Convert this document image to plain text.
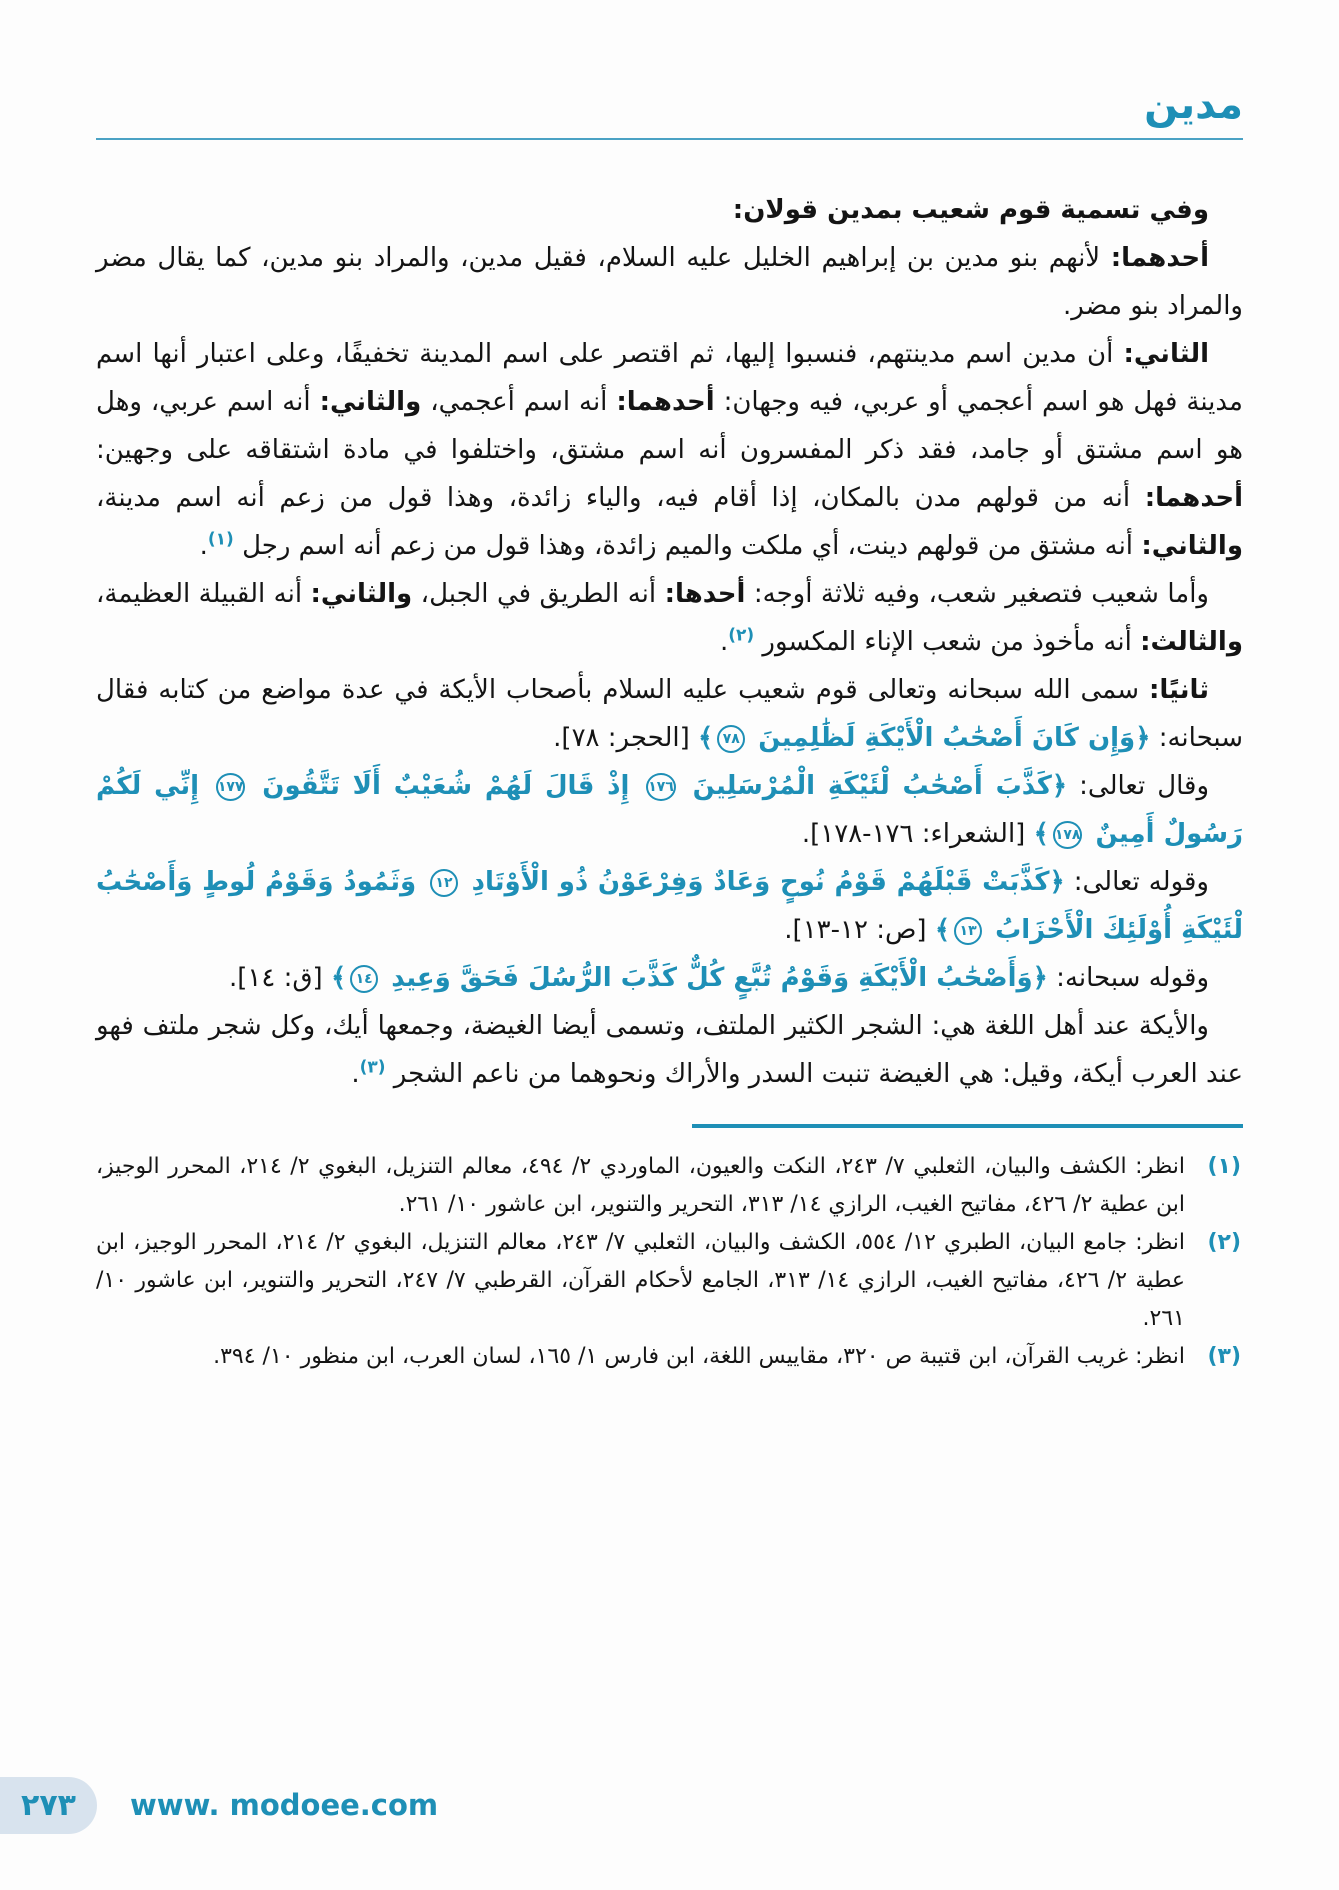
مدين

وفي تسمية قوم شعيب بمدين قولان:

أحدهما: لأنهم بنو مدين بن إبراهيم الخليل عليه السلام، فقيل مدين، والمراد بنو مدين، كما يقال مضر والمراد بنو مضر.

الثاني: أن مدين اسم مدينتهم، فنسبوا إليها، ثم اقتصر على اسم المدينة تخفيفًا، وعلى اعتبار أنها اسم مدينة فهل هو اسم أعجمي أو عربي، فيه وجهان: أحدهما: أنه اسم أعجمي، والثاني: أنه اسم عربي، وهل هو اسم مشتق أو جامد، فقد ذكر المفسرون أنه اسم مشتق، واختلفوا في مادة اشتقاقه على وجهين: أحدهما: أنه من قولهم مدن بالمكان، إذا أقام فيه، والياء زائدة، وهذا قول من زعم أنه اسم مدينة، والثاني: أنه مشتق من قولهم دينت، أي ملكت والميم زائدة، وهذا قول من زعم أنه اسم رجل $^{(١)}$.

وأما شعيب فتصغير شعب، وفيه ثلاثة أوجه: أحدها: أنه الطريق في الجبل، والثاني: أنه القبيلة العظيمة، والثالث: أنه مأخوذ من شعب الإناء المكسور $^{(٢)}$.

ثانيًا: سمى الله سبحانه وتعالى قوم شعيب عليه السلام بأصحاب الأيكة في عدة مواضع من كتابه فقال سبحانه: ﴿وَإِن كَانَ أَصْحَٰبُ الْأَيْكَةِ لَظَٰلِمِينَ ٧٨﴾ [الحجر: ٧٨].

وقال تعالى: ﴿كَذَّبَ أَصْحَٰبُ لْئَيْكَةِ الْمُرْسَلِينَ ١٧٦ إِذْ قَالَ لَهُمْ شُعَيْبٌ أَلَا تَتَّقُونَ ١٧٧ إِنِّي لَكُمْ رَسُولٌ أَمِينٌ ١٧٨﴾ [الشعراء: ١٧٦-١٧٨].

وقوله تعالى: ﴿كَذَّبَتْ قَبْلَهُمْ قَوْمُ نُوحٍ وَعَادٌ وَفِرْعَوْنُ ذُو الْأَوْتَادِ ١٢ وَثَمُودُ وَقَوْمُ لُوطٍ وَأَصْحَٰبُ لْئَيْكَةِ أُوْلَئِكَ الْأَحْزَابُ ١٣﴾ [ص: ١٢-١٣].

وقوله سبحانه: ﴿وَأَصْحَٰبُ الْأَيْكَةِ وَقَوْمُ تُبَّعٍ كُلٌّ كَذَّبَ الرُّسُلَ فَحَقَّ وَعِيدِ ١٤﴾ [ق: ١٤].

والأيكة عند أهل اللغة هي: الشجر الكثير الملتف، وتسمى أيضا الغيضة، وجمعها أيك، وكل شجر ملتف فهو عند العرب أيكة، وقيل: هي الغيضة تنبت السدر والأراك ونحوهما من ناعم الشجر $^{(٣)}$.

(١)
انظر: الكشف والبيان، الثعلبي ٧/ ٢٤٣، النكت والعيون، الماوردي ٢/ ٤٩٤، معالم التنزيل، البغوي ٢/ ٢١٤، المحرر الوجيز، ابن عطية ٢/ ٤٢٦، مفاتيح الغيب، الرازي ١٤/ ٣١٣، التحرير والتنوير، ابن عاشور ١٠/ ٢٦١.
(٢)
انظر: جامع البيان، الطبري ١٢/ ٥٥٤، الكشف والبيان، الثعلبي ٧/ ٢٤٣، معالم التنزيل، البغوي ٢/ ٢١٤، المحرر الوجيز، ابن عطية ٢/ ٤٢٦، مفاتيح الغيب، الرازي ١٤/ ٣١٣، الجامع لأحكام القرآن، القرطبي ٧/ ٢٤٧، التحرير والتنوير، ابن عاشور ١٠/ ٢٦١.
(٣)
انظر: غريب القرآن، ابن قتيبة ص ٣٢٠، مقاييس اللغة، ابن فارس ١/ ١٦٥، لسان العرب، ابن منظور ١٠/ ٣٩٤.
٢٧٣ www. modoee.com
